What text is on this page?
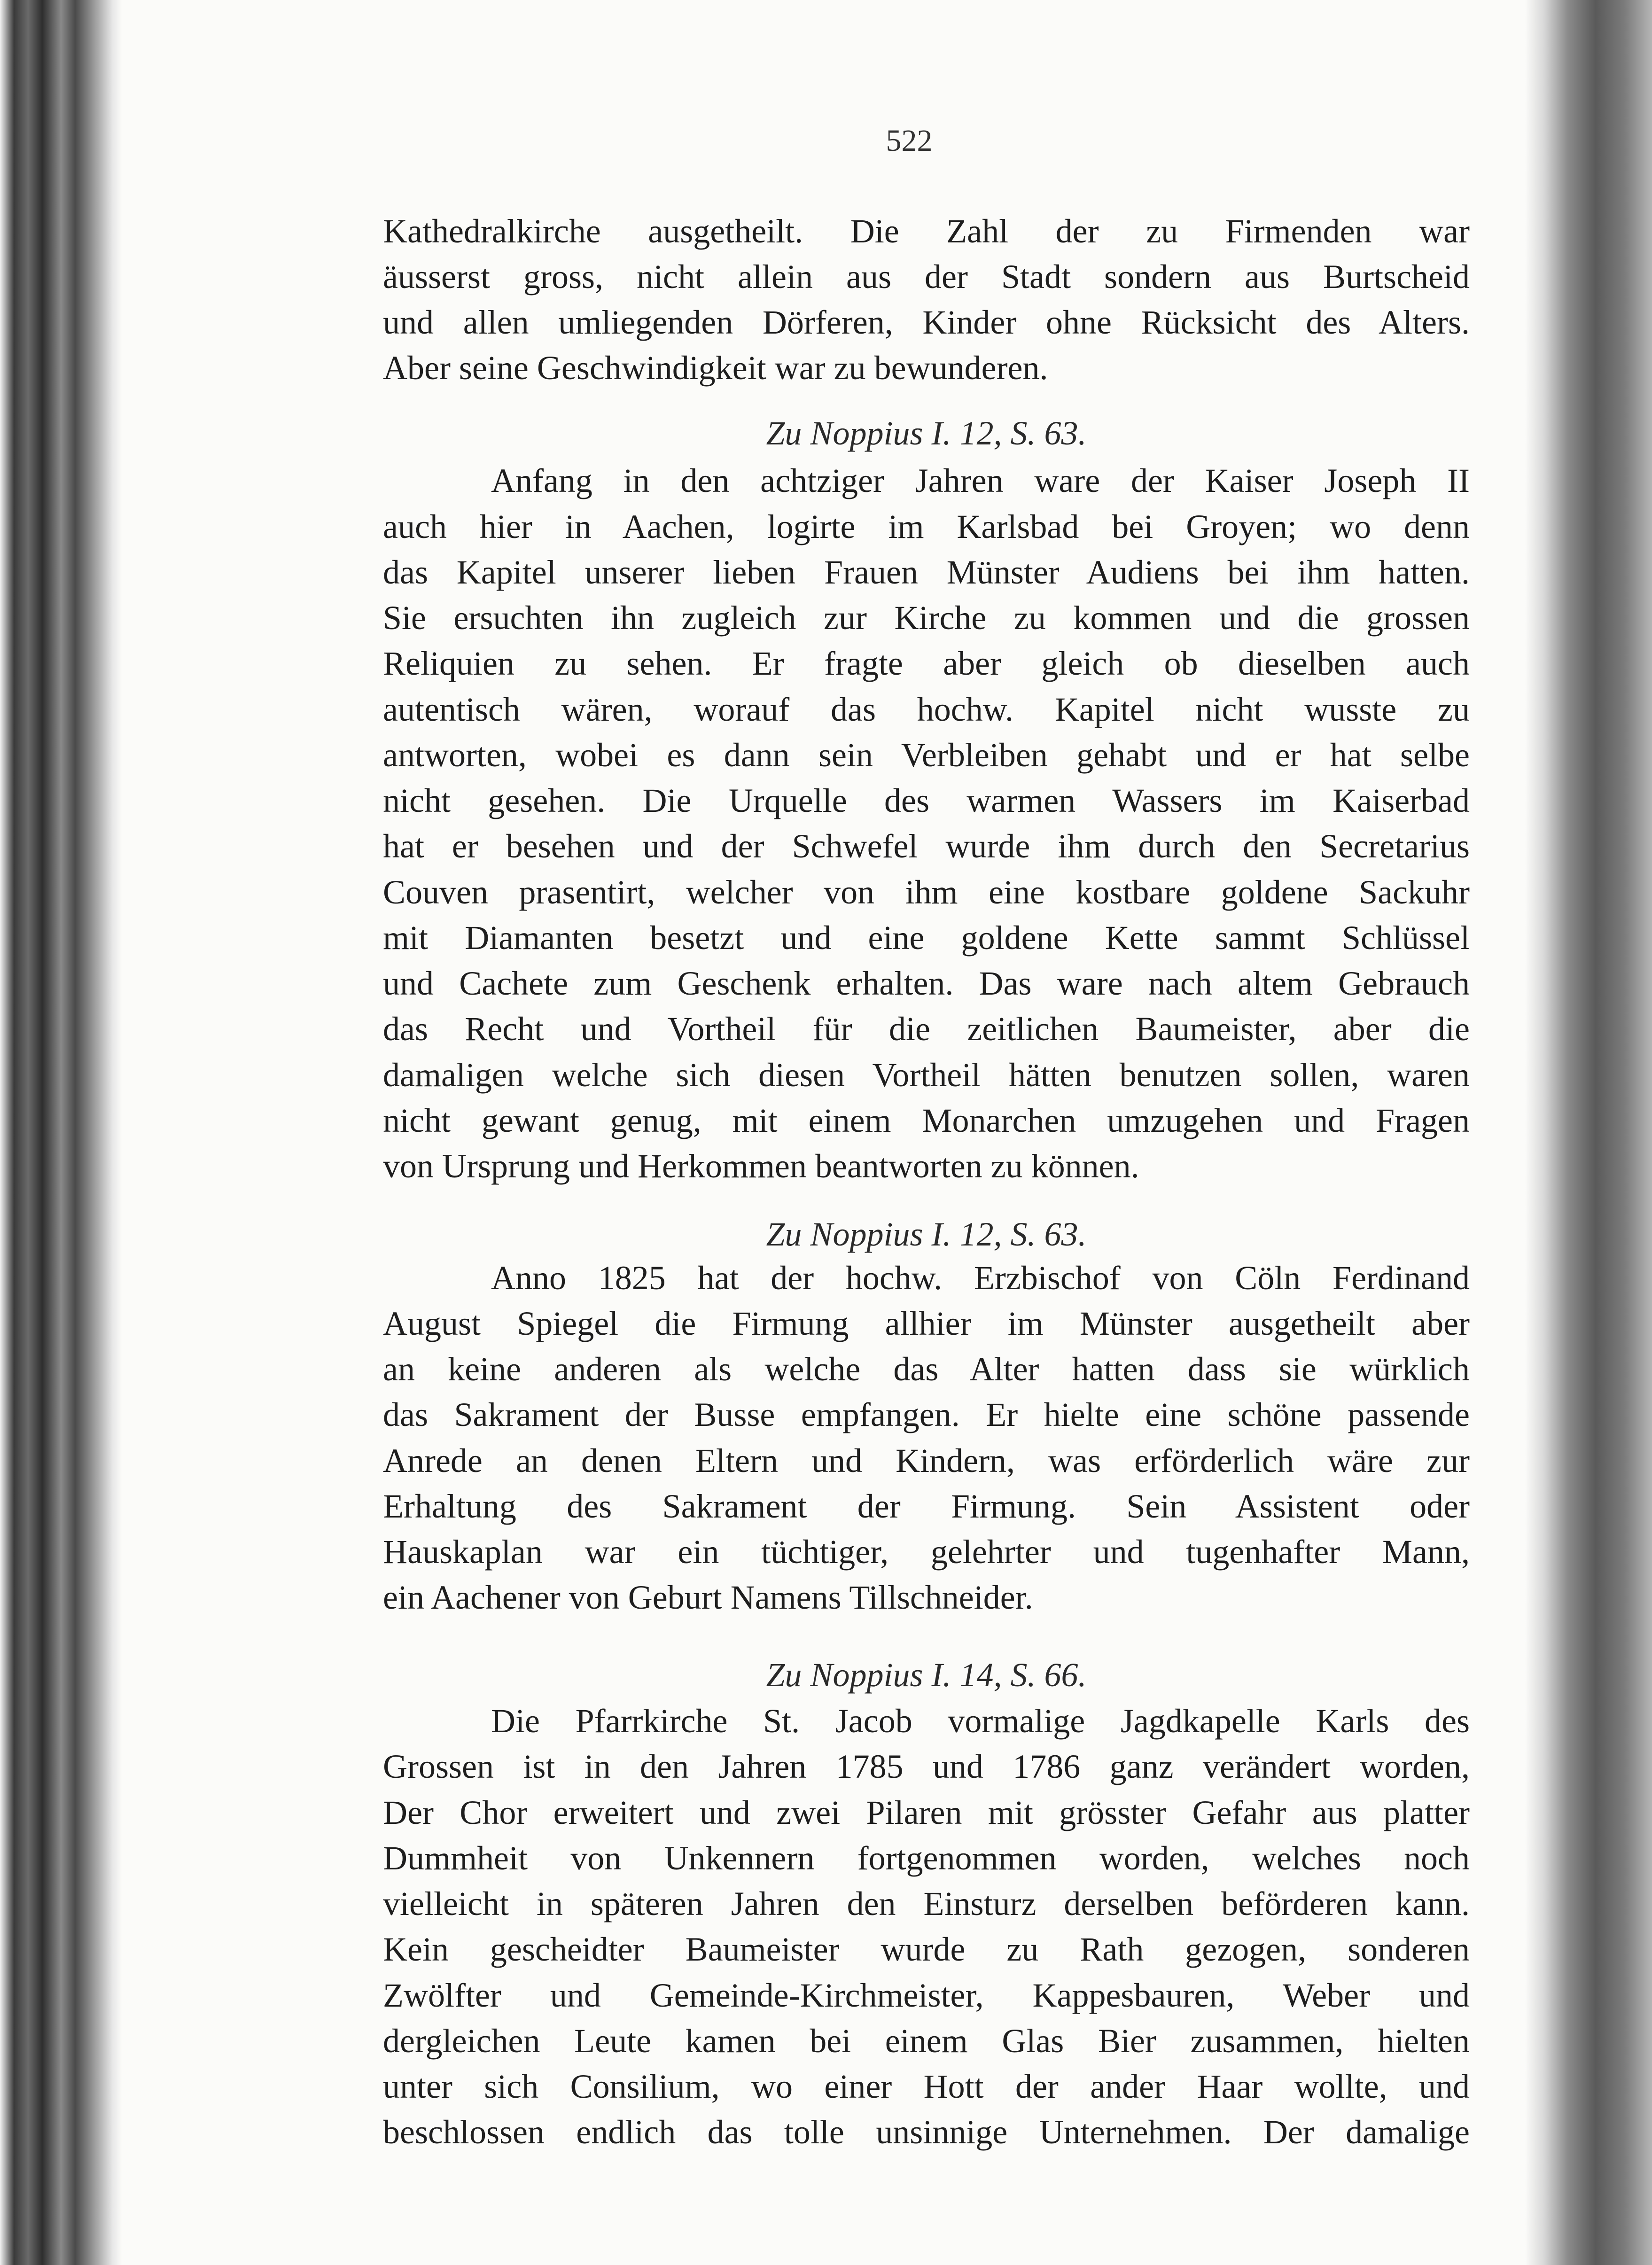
522
Kathedralkirche ausgetheilt. Die Zahl der zu Firmenden war
äusserst gross, nicht allein aus der Stadt sondern aus Burtscheid
und allen umliegenden Dörferen, Kinder ohne Rücksicht des Alters.
Aber seine Geschwindigkeit war zu bewunderen.
Zu Noppius I. 12, S. 63.
Anfang in den achtziger Jahren ware der Kaiser Joseph II
auch hier in Aachen, logirte im Karlsbad bei Groyen; wo denn
das Kapitel unserer lieben Frauen Münster Audiens bei ihm hatten.
Sie ersuchten ihn zugleich zur Kirche zu kommen und die grossen
Reliquien zu sehen. Er fragte aber gleich ob dieselben auch
autentisch wären, worauf das hochw. Kapitel nicht wusste zu
antworten, wobei es dann sein Verbleiben gehabt und er hat selbe
nicht gesehen. Die Urquelle des warmen Wassers im Kaiserbad
hat er besehen und der Schwefel wurde ihm durch den Secretarius
Couven prasentirt, welcher von ihm eine kostbare goldene Sackuhr
mit Diamanten besetzt und eine goldene Kette sammt Schlüssel
und Cachete zum Geschenk erhalten. Das ware nach altem Gebrauch
das Recht und Vortheil für die zeitlichen Baumeister, aber die
damaligen welche sich diesen Vortheil hätten benutzen sollen, waren
nicht gewant genug, mit einem Monarchen umzugehen und Fragen
von Ursprung und Herkommen beantworten zu können.
Zu Noppius I. 12, S. 63.
Anno 1825 hat der hochw. Erzbischof von Cöln Ferdinand
August Spiegel die Firmung allhier im Münster ausgetheilt aber
an keine anderen als welche das Alter hatten dass sie würklich
das Sakrament der Busse empfangen. Er hielte eine schöne passende
Anrede an denen Eltern und Kindern, was erförderlich wäre zur
Erhaltung des Sakrament der Firmung. Sein Assistent oder
Hauskaplan war ein tüchtiger, gelehrter und tugenhafter Mann,
ein Aachener von Geburt Namens Tillschneider.
Zu Noppius I. 14, S. 66.
Die Pfarrkirche St. Jacob vormalige Jagdkapelle Karls des
Grossen ist in den Jahren 1785 und 1786 ganz verändert worden,
Der Chor erweitert und zwei Pilaren mit grösster Gefahr aus platter
Dummheit von Unkennern fortgenommen worden, welches noch
vielleicht in späteren Jahren den Einsturz derselben beförderen kann.
Kein gescheidter Baumeister wurde zu Rath gezogen, sonderen
Zwölfter und Gemeinde-Kirchmeister, Kappesbauren, Weber und
dergleichen Leute kamen bei einem Glas Bier zusammen, hielten
unter sich Consilium, wo einer Hott der ander Haar wollte, und
beschlossen endlich das tolle unsinnige Unternehmen. Der damalige
